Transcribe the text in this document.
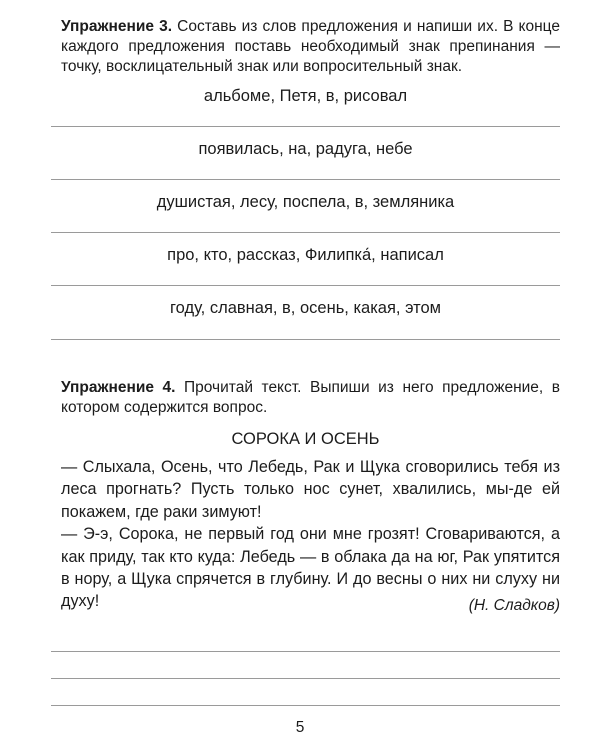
Упражнение 3. Составь из слов предложения и напиши их. В конце каждого предложения поставь необходимый знак препинания — точку, восклицательный знак или вопросительный знак.
альбоме, Петя, в, рисовал
появилась, на, радуга, небе
душистая, лесу, поспела, в, земляника
про, кто, рассказ, Филипка́, написал
году, славная, в, осень, какая, этом
Упражнение 4. Прочитай текст. Выпиши из него предложение, в котором содержится вопрос.
СОРОКА И ОСЕНЬ

— Слыхала, Осень, что Лебедь, Рак и Щука сговорились тебя из леса прогнать? Пусть только нос сунет, хвалились, мы-де ей покажем, где раки зимуют!

— Э-э, Сорока, не первый год они мне грозят! Сговариваются, а как приду, так кто куда: Лебедь — в облака да на юг, Рак упятится в нору, а Щука спрячется в глубину. И до весны о них ни слуху ни духу!	(Н. Сладков)
5
